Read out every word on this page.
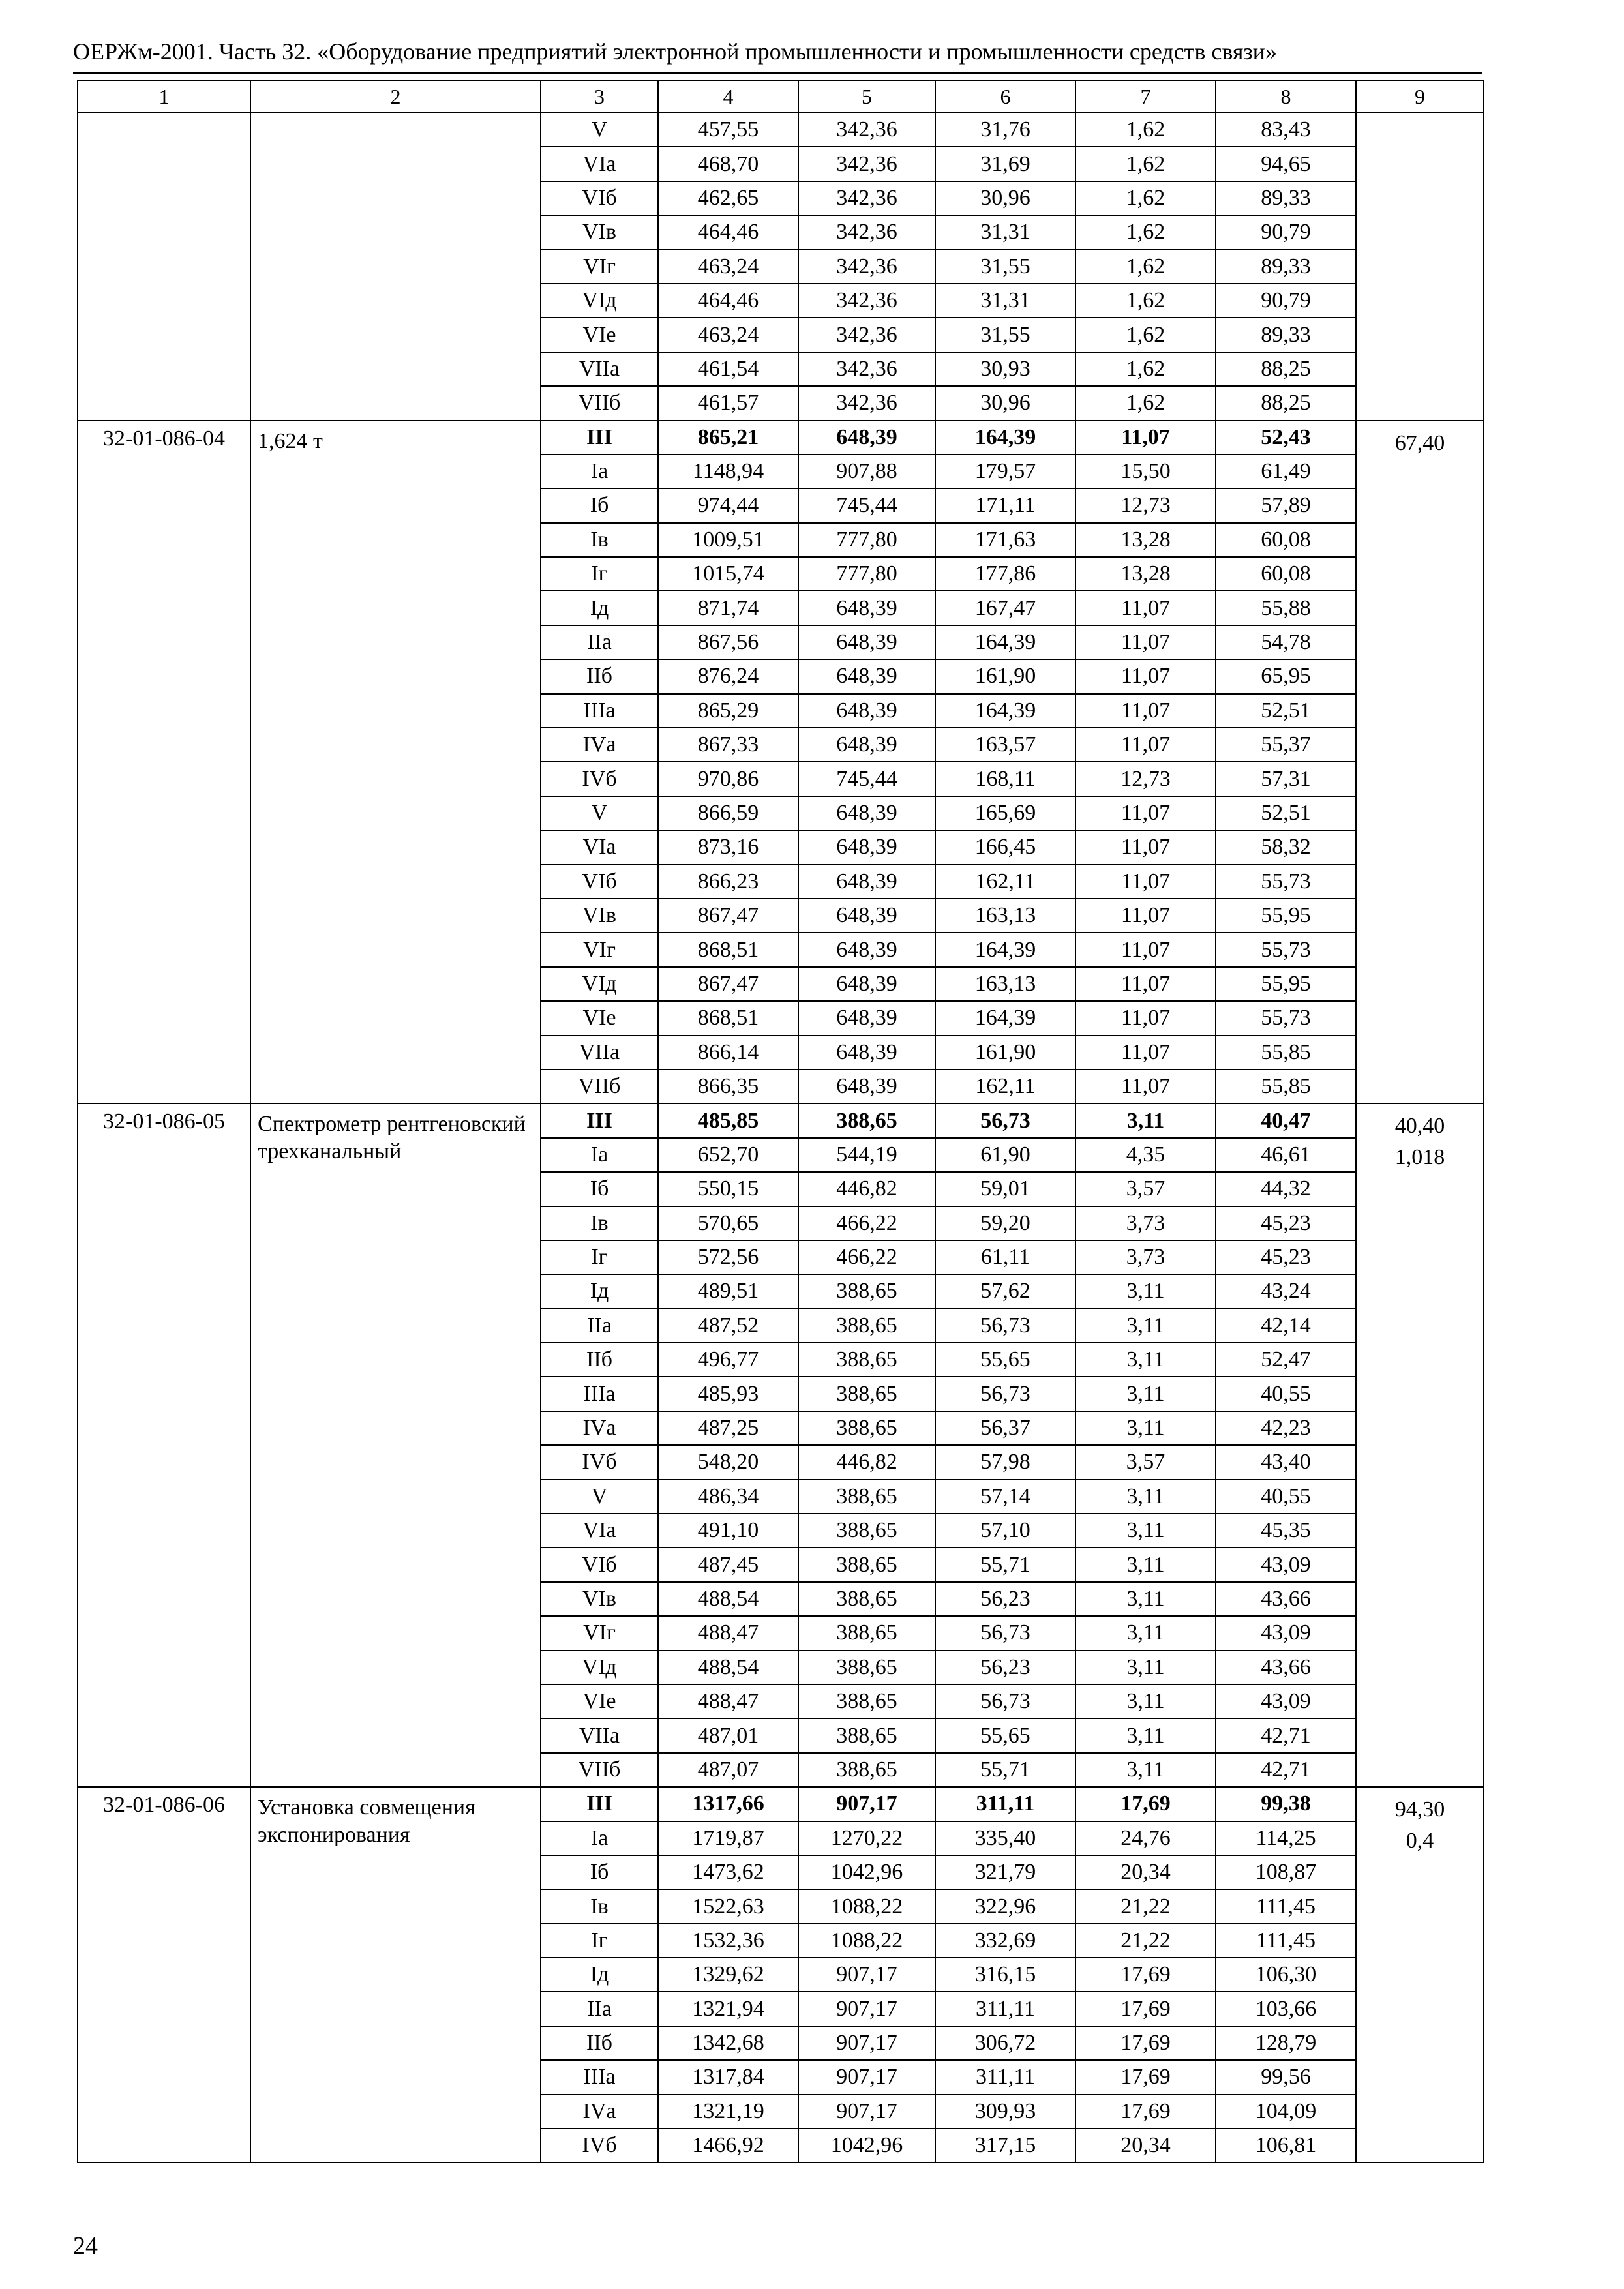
ОЕРЖм-2001. Часть 32. «Оборудование предприятий электронной промышленности и промышленности средств связи»
1	2	3	4	5	6	7	8	9
		V	457,55	342,36	31,76	1,62	83,43	
		VIа	468,70	342,36	31,69	1,62	94,65	
		VIб	462,65	342,36	30,96	1,62	89,33	
		VIв	464,46	342,36	31,31	1,62	90,79	
		VIг	463,24	342,36	31,55	1,62	89,33	
		VIд	464,46	342,36	31,31	1,62	90,79	
		VIе	463,24	342,36	31,55	1,62	89,33	
		VIIа	461,54	342,36	30,93	1,62	88,25	
		VIIб	461,57	342,36	30,96	1,62	88,25	
32-01-086-04	1,624 т	III	865,21	648,39	164,39	11,07	52,43	67,40

		Iа	1148,94	907,88	179,57	15,50	61,49	
		Iб	974,44	745,44	171,11	12,73	57,89	
		Iв	1009,51	777,80	171,63	13,28	60,08	
		Iг	1015,74	777,80	177,86	13,28	60,08	
		Iд	871,74	648,39	167,47	11,07	55,88	
		IIа	867,56	648,39	164,39	11,07	54,78	
		IIб	876,24	648,39	161,90	11,07	65,95	
		IIIа	865,29	648,39	164,39	11,07	52,51	
		IVа	867,33	648,39	163,57	11,07	55,37	
		IVб	970,86	745,44	168,11	12,73	57,31	
		V	866,59	648,39	165,69	11,07	52,51	
		VIа	873,16	648,39	166,45	11,07	58,32	
		VIб	866,23	648,39	162,11	11,07	55,73	
		VIв	867,47	648,39	163,13	11,07	55,95	
		VIг	868,51	648,39	164,39	11,07	55,73	
		VIд	867,47	648,39	163,13	11,07	55,95	
		VIе	868,51	648,39	164,39	11,07	55,73	
		VIIа	866,14	648,39	161,90	11,07	55,85	
		VIIб	866,35	648,39	162,11	11,07	55,85	
32-01-086-05	Спектрометр рентгеновский трехканальный	III	485,85	388,65	56,73	3,11	40,47	40,40
1,018

		Iа	652,70	544,19	61,90	4,35	46,61	
		Iб	550,15	446,82	59,01	3,57	44,32	
		Iв	570,65	466,22	59,20	3,73	45,23	
		Iг	572,56	466,22	61,11	3,73	45,23	
		Iд	489,51	388,65	57,62	3,11	43,24	
		IIа	487,52	388,65	56,73	3,11	42,14	
		IIб	496,77	388,65	55,65	3,11	52,47	
		IIIа	485,93	388,65	56,73	3,11	40,55	
		IVа	487,25	388,65	56,37	3,11	42,23	
		IVб	548,20	446,82	57,98	3,57	43,40	
		V	486,34	388,65	57,14	3,11	40,55	
		VIа	491,10	388,65	57,10	3,11	45,35	
		VIб	487,45	388,65	55,71	3,11	43,09	
		VIв	488,54	388,65	56,23	3,11	43,66	
		VIг	488,47	388,65	56,73	3,11	43,09	
		VIд	488,54	388,65	56,23	3,11	43,66	
		VIе	488,47	388,65	56,73	3,11	43,09	
		VIIа	487,01	388,65	55,65	3,11	42,71	
		VIIб	487,07	388,65	55,71	3,11	42,71	
32-01-086-06	Установка совмещения экспонирования	III	1317,66	907,17	311,11	17,69	99,38	94,30
0,4

		Iа	1719,87	1270,22	335,40	24,76	114,25	
		Iб	1473,62	1042,96	321,79	20,34	108,87	
		Iв	1522,63	1088,22	322,96	21,22	111,45	
		Iг	1532,36	1088,22	332,69	21,22	111,45	
		Iд	1329,62	907,17	316,15	17,69	106,30	
		IIа	1321,94	907,17	311,11	17,69	103,66	
		IIб	1342,68	907,17	306,72	17,69	128,79	
		IIIа	1317,84	907,17	311,11	17,69	99,56	
		IVа	1321,19	907,17	309,93	17,69	104,09	
		IVб	1466,92	1042,96	317,15	20,34	106,81	
24
